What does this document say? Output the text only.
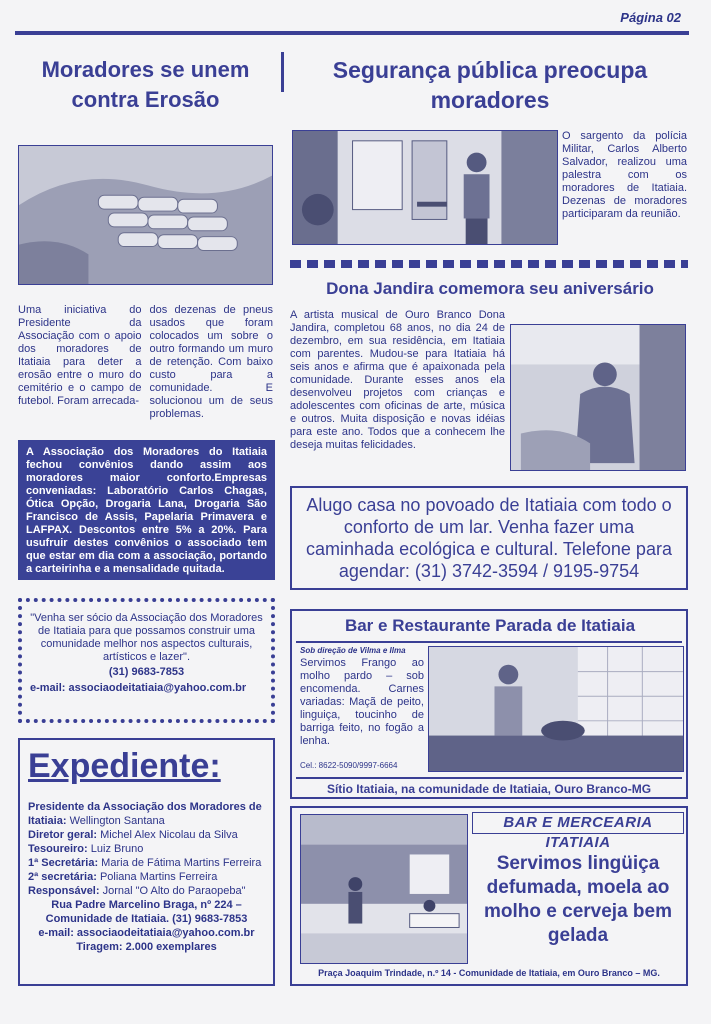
Página 02
Moradores se unem contra Erosão

Uma iniciativa do Presidente da Associação com o apoio dos moradores de Itatiaia para deter a erosão entre o muro do cemitério e o campo de futebol. Foram arrecada-

dos dezenas de pneus usados que foram colocados um sobre o outro formando um muro de retenção. Com baixo custo para a comunidade. E solucionou um de seus problemas.

Segurança pública preocupa moradores

O sargento da polícia Militar, Carlos Alberto Salvador, realizou uma palestra com os moradores de Itatiaia. Dezenas de moradores participaram da reunião.

Dona Jandira comemora seu aniversário

A artista musical de Ouro Branco Dona Jandira, completou 68 anos, no dia 24 de dezembro, em sua residência, em Itatiaia com parentes. Mudou-se para Itatiaia há seis anos e afirma que é apaixonada pela comunidade. Durante esses anos ela desenvolveu projetos com crianças e adolescentes com oficinas de arte, música e outros. Muita disposição e novas idéias para este ano. Todos que a conhecem lhe deseja muitas felicidades.

A Associação dos Moradores do Itatiaia fechou convênios dando assim aos moradores maior conforto.Empresas conveniadas: Laboratório Carlos Chagas, Ótica Opção, Drogaria Lana, Drogaria São Francisco de Assis, Papelaria Primavera e LAFPAX. Descontos entre 5% a 20%. Para usufruir destes convênios o associado tem que estar em dia com a associação, portando a carteirinha e a mensalidade quitada.
Alugo casa no povoado de Itatiaia com todo o conforto de um lar. Venha fazer uma caminhada ecológica e cultural. Telefone para agendar: (31) 3742-3594 / 9195-9754

"Venha ser sócio da Associação dos Moradores de Itatiaia para que possamos construir uma comunidade melhor nos aspectos culturais, artísticos e lazer".

(31) 9683-7853

e-mail: associaodeitatiaia@yahoo.com.br

Bar e Restaurante Parada de Itatiaia
Sob direção de Vilma e Ilma

Servimos Frango ao molho pardo – sob encomenda. Carnes variadas: Maçã de peito, linguiça, toucinho de barriga feito, no fogão a lenha.

Cel.: 8622-5090/9997-6664
Sítio Itatiaia, na comunidade de Itatiaia, Ouro Branco-MG
Expediente:
Presidente da Associação dos Moradores de Itatiaia: Wellington Santana
Diretor geral: Michel Alex Nicolau da Silva
Tesoureiro: Luiz Bruno
1ª Secretária: Maria de Fátima Martins Ferreira
2ª secretária: Poliana Martins Ferreira
Responsável: Jornal "O Alto do Paraopeba"
Rua Padre Marcelino Braga, nº 224 – Comunidade de Itatiaia. (31) 9683-7853
e-mail: associaodeitatiaia@yahoo.com.br
Tiragem: 2.000 exemplares
BAR E MERCEARIA ITATIAIA
Servimos lingüiça defumada, moela ao molho e cerveja bem gelada
Praça Joaquim Trindade, n.º 14 - Comunidade de Itatiaia, em Ouro Branco – MG.
